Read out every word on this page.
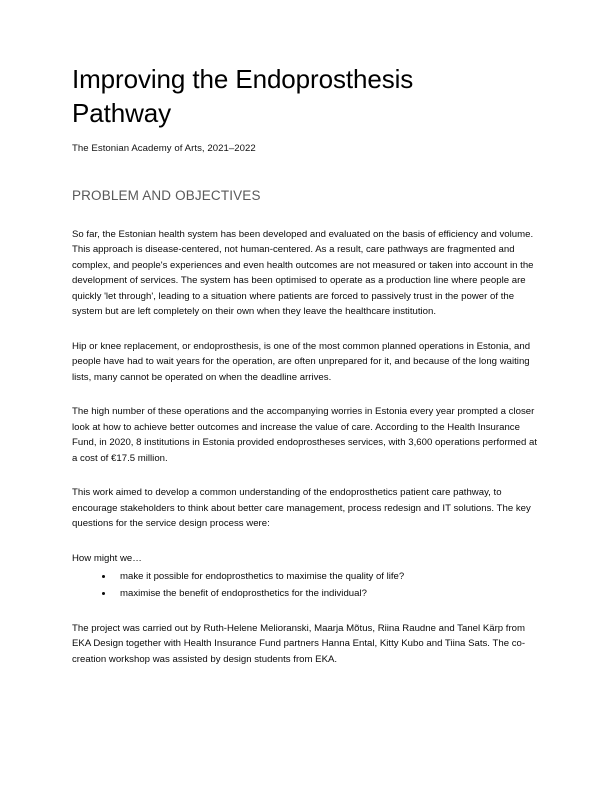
Improving the Endoprosthesis Pathway

The Estonian Academy of Arts, 2021–2022

PROBLEM AND OBJECTIVES

So far, the Estonian health system has been developed and evaluated on the basis of efficiency and volume. This approach is disease-centered, not human-centered. As a result, care pathways are fragmented and complex, and people's experiences and even health outcomes are not measured or taken into account in the development of services. The system has been optimised to operate as a production line where people are quickly 'let through', leading to a situation where patients are forced to passively trust in the power of the system but are left completely on their own when they leave the healthcare institution.

Hip or knee replacement, or endoprosthesis, is one of the most common planned operations in Estonia, and people have had to wait years for the operation, are often unprepared for it, and because of the long waiting lists, many cannot be operated on when the deadline arrives.

The high number of these operations and the accompanying worries in Estonia every year prompted a closer look at how to achieve better outcomes and increase the value of care. According to the Health Insurance Fund, in 2020, 8 institutions in Estonia provided endoprostheses services, with 3,600 operations performed at a cost of €17.5 million.

This work aimed to develop a common understanding of the endoprosthetics patient care pathway, to encourage stakeholders to think about better care management, process redesign and IT solutions. The key questions for the service design process were:

How might we…

make it possible for endoprosthetics to maximise the quality of life?
maximise the benefit of endoprosthetics for the individual?

The project was carried out by Ruth-Helene Melioranski, Maarja Mõtus, Riina Raudne and Tanel Kärp from EKA Design together with Health Insurance Fund partners Hanna Ental, Kitty Kubo and Tiina Sats. The co-creation workshop was assisted by design students from EKA.
